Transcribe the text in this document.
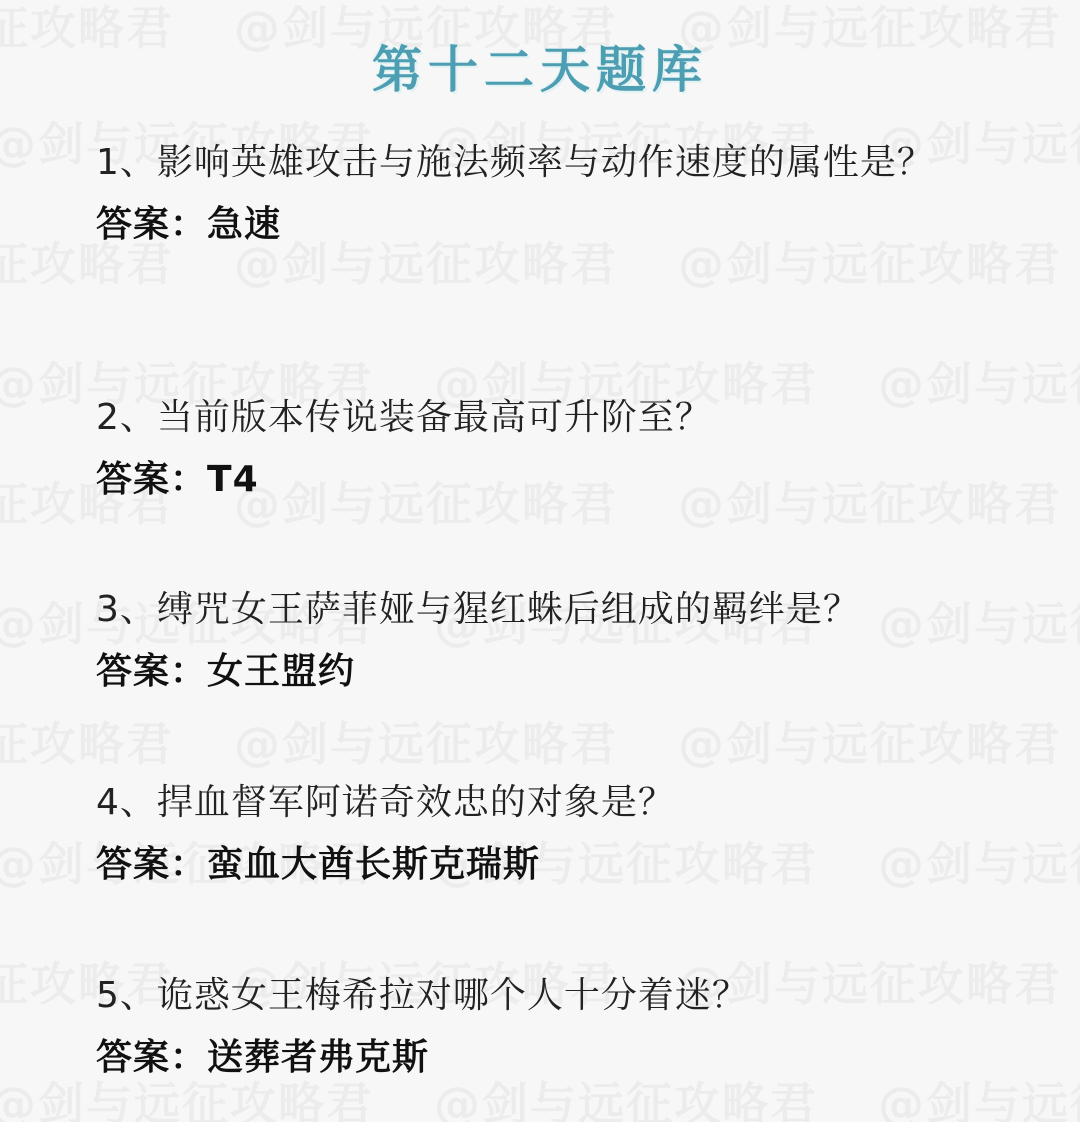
第十二天题库
1、影响英雄攻击与施法频率与动作速度的属性是？
答案：急速
2、当前版本传说装备最高可升阶至？
答案：T4
3、缚咒女王萨菲娅与猩红蛛后组成的羁绊是？
答案：女王盟约
4、捍血督军阿诺奇效忠的对象是？
答案：蛮血大酋长斯克瑞斯
5、诡惑女王梅希拉对哪个人十分着迷？
答案：送葬者弗克斯
